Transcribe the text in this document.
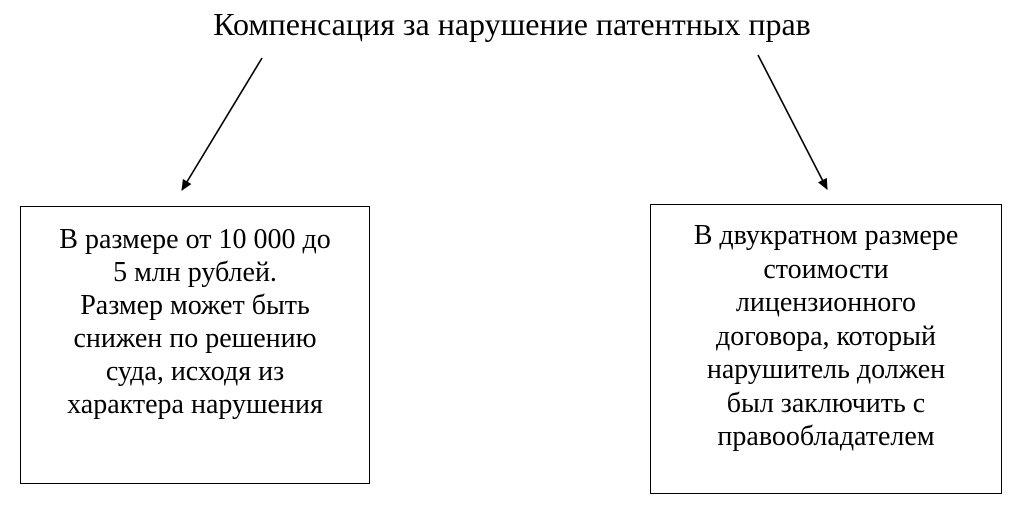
Компенсация за нарушение патентных прав
В размере от 10 000 до
5 млн рублей.
Размер может быть
снижен по решению
суда, исходя из
характера нарушения
В двукратном размере
стоимости
лицензионного
договора, который
нарушитель должен
был заключить с
правообладателем
